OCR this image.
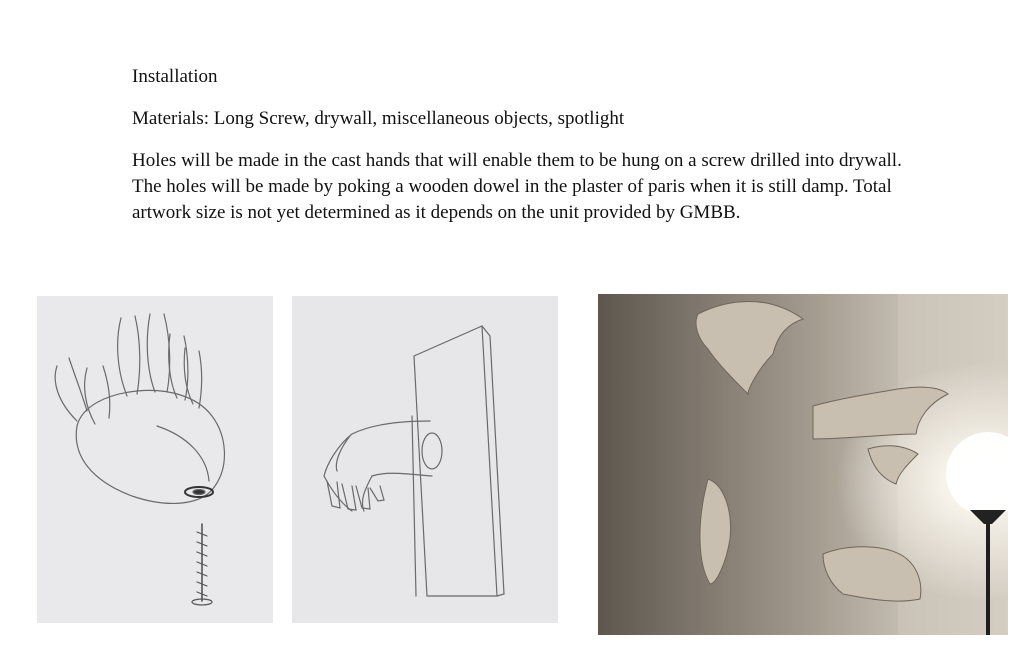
Installation
Materials: Long Screw, drywall, miscellaneous objects, spotlight
Holes will be made in the cast hands that will enable them to be hung on a screw drilled into drywall. The holes will be made by poking a wooden dowel in the plaster of paris when it is still damp. Total artwork size is not yet determined as it depends on the unit provided by GMBB.
